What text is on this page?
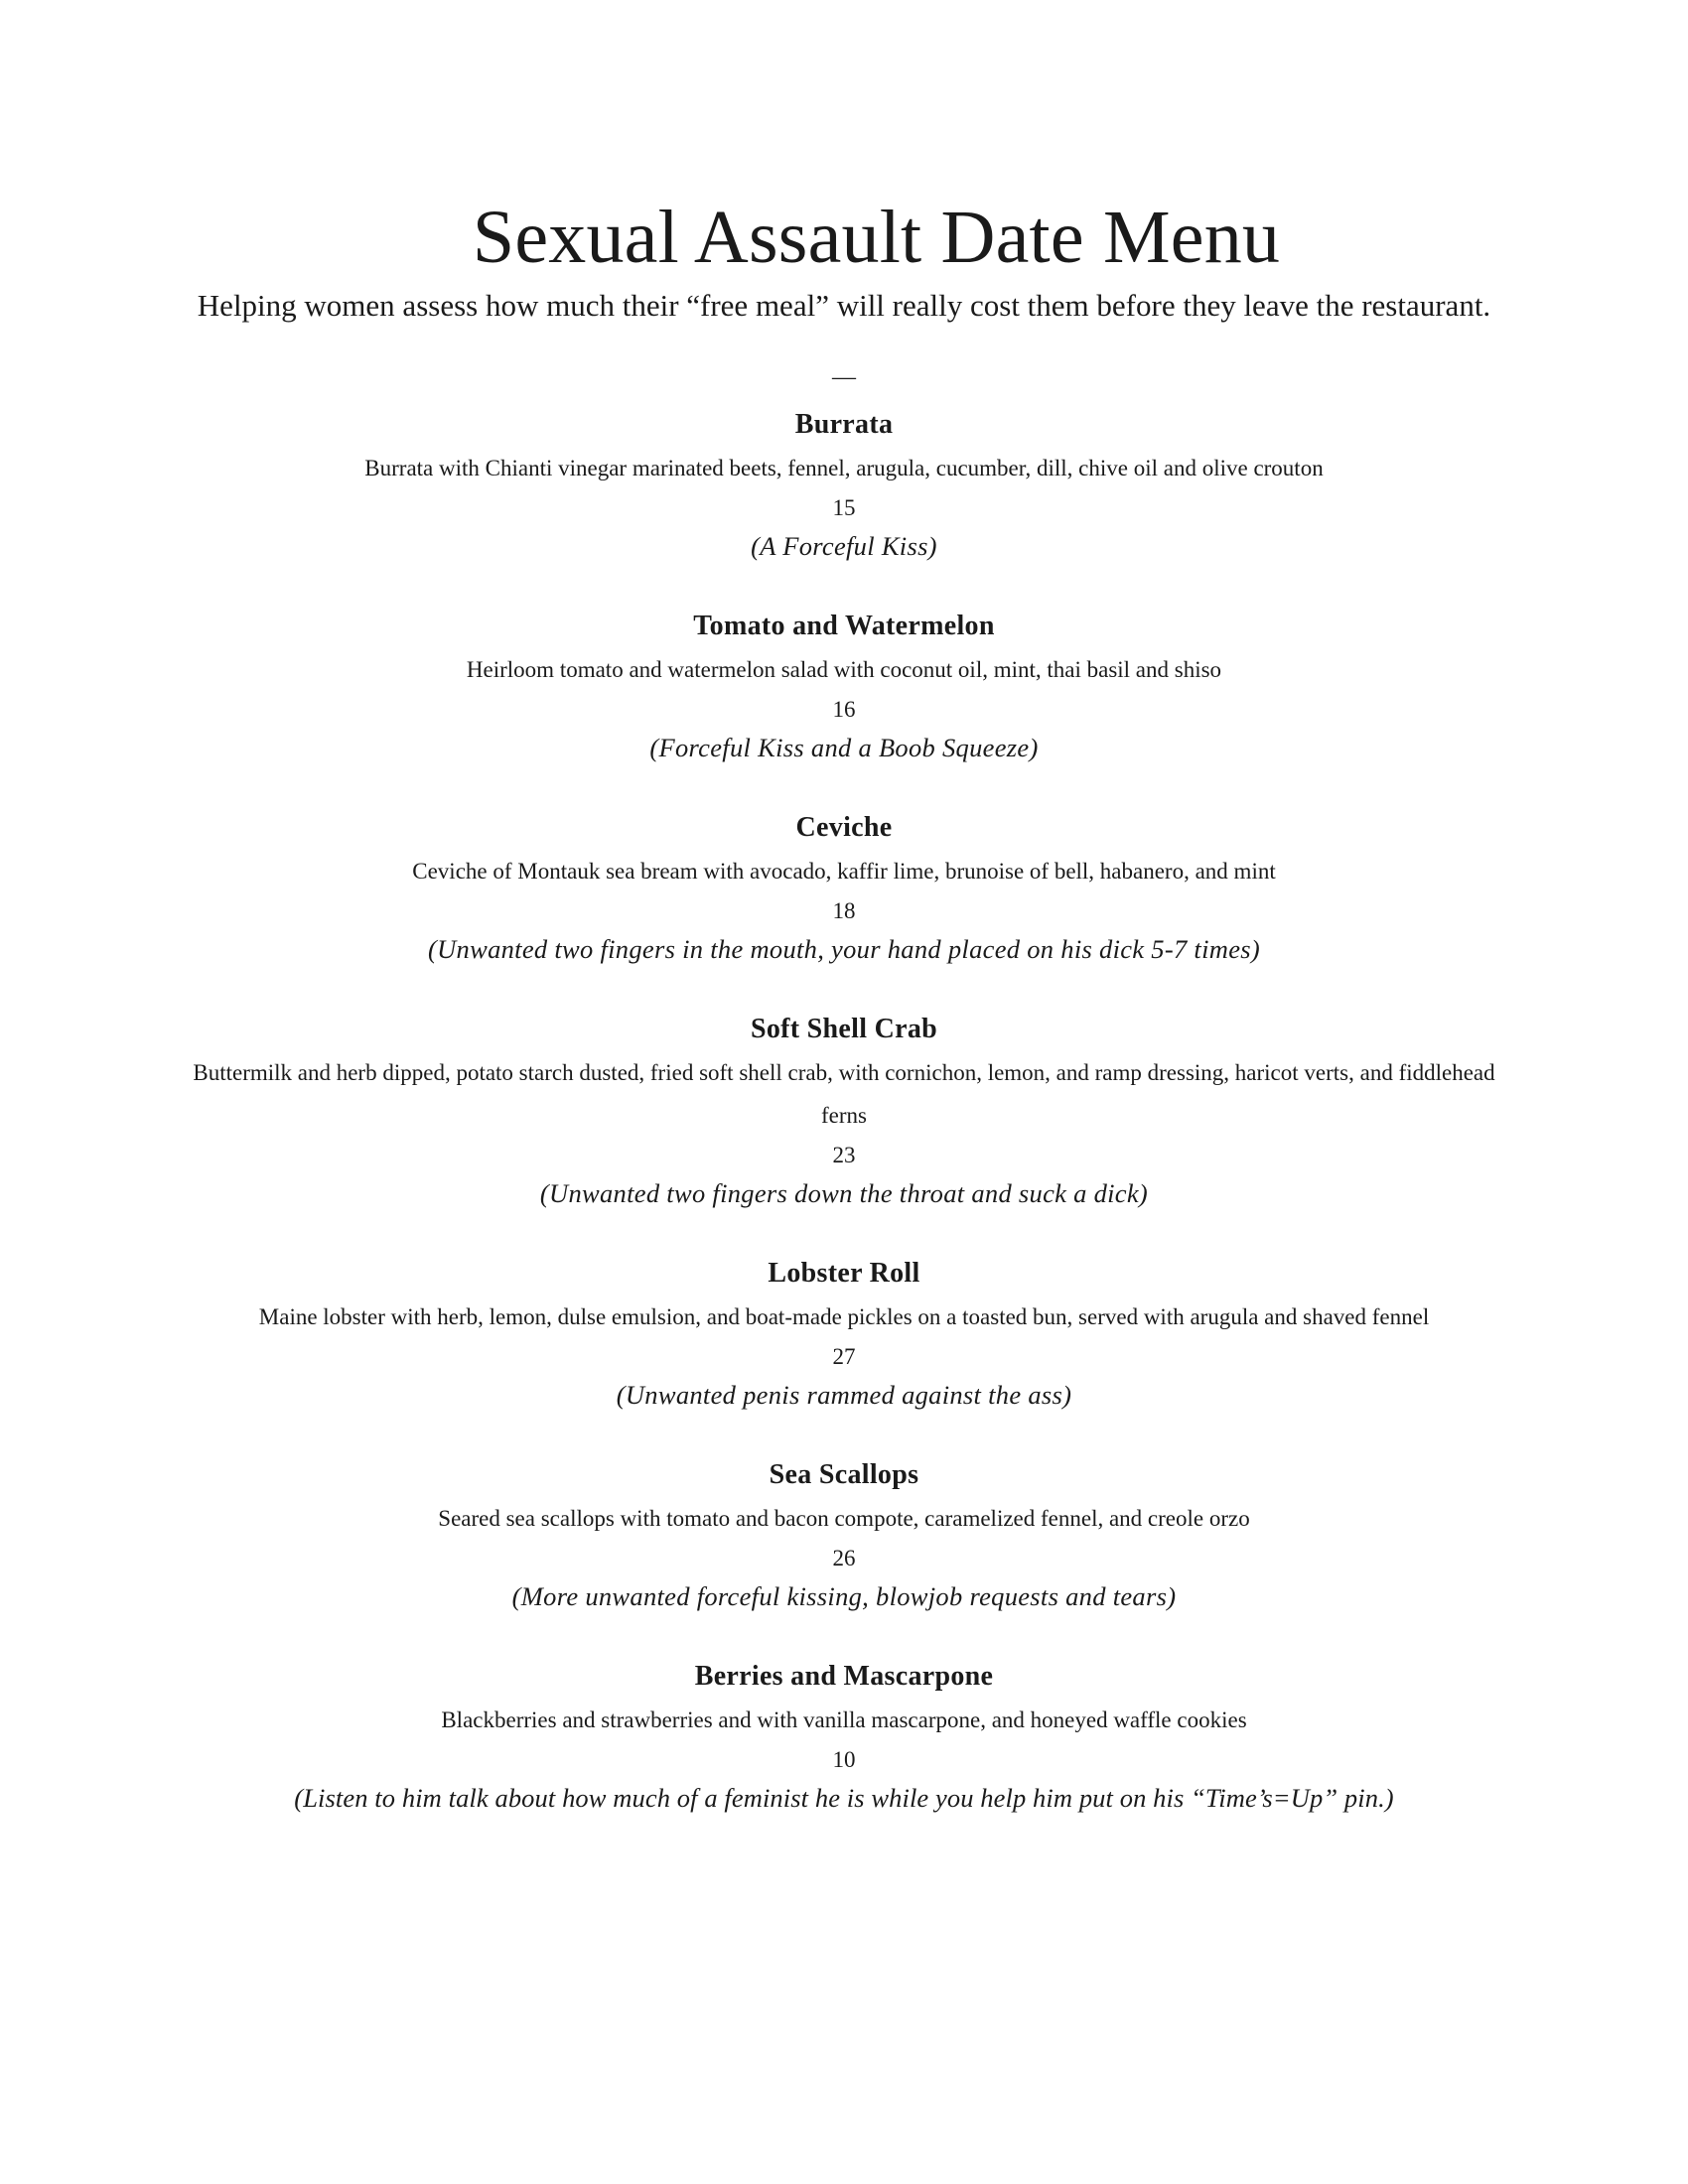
Sexual Assault Date Menu
Helping women assess how much their “free meal” will really cost them before they leave the restaurant.
—
Burrata
Burrata with Chianti vinegar marinated beets, fennel, arugula, cucumber, dill, chive oil and olive crouton
15
(A Forceful Kiss)
Tomato and Watermelon
Heirloom tomato and watermelon salad with coconut oil, mint, thai basil and shiso
16
(Forceful Kiss and a Boob Squeeze)
Ceviche
Ceviche of Montauk sea bream with avocado, kaffir lime, brunoise of bell, habanero, and mint
18
(Unwanted two fingers in the mouth, your hand placed on his dick 5-7 times)
Soft Shell Crab
Buttermilk and herb dipped, potato starch dusted, fried soft shell crab, with cornichon, lemon, and ramp dressing, haricot verts, and fiddlehead ferns
23
(Unwanted two fingers down the throat and suck a dick)
Lobster Roll
Maine lobster with herb, lemon, dulse emulsion, and boat-made pickles on a toasted bun, served with arugula and shaved fennel
27
(Unwanted penis rammed against the ass)
Sea Scallops
Seared sea scallops with tomato and bacon compote, caramelized fennel, and creole orzo
26
(More unwanted forceful kissing, blowjob requests and tears)
Berries and Mascarpone
Blackberries and strawberries and with vanilla mascarpone, and honeyed waffle cookies
10
(Listen to him talk about how much of a feminist he is while you help him put on his “Time’s=Up” pin.)
